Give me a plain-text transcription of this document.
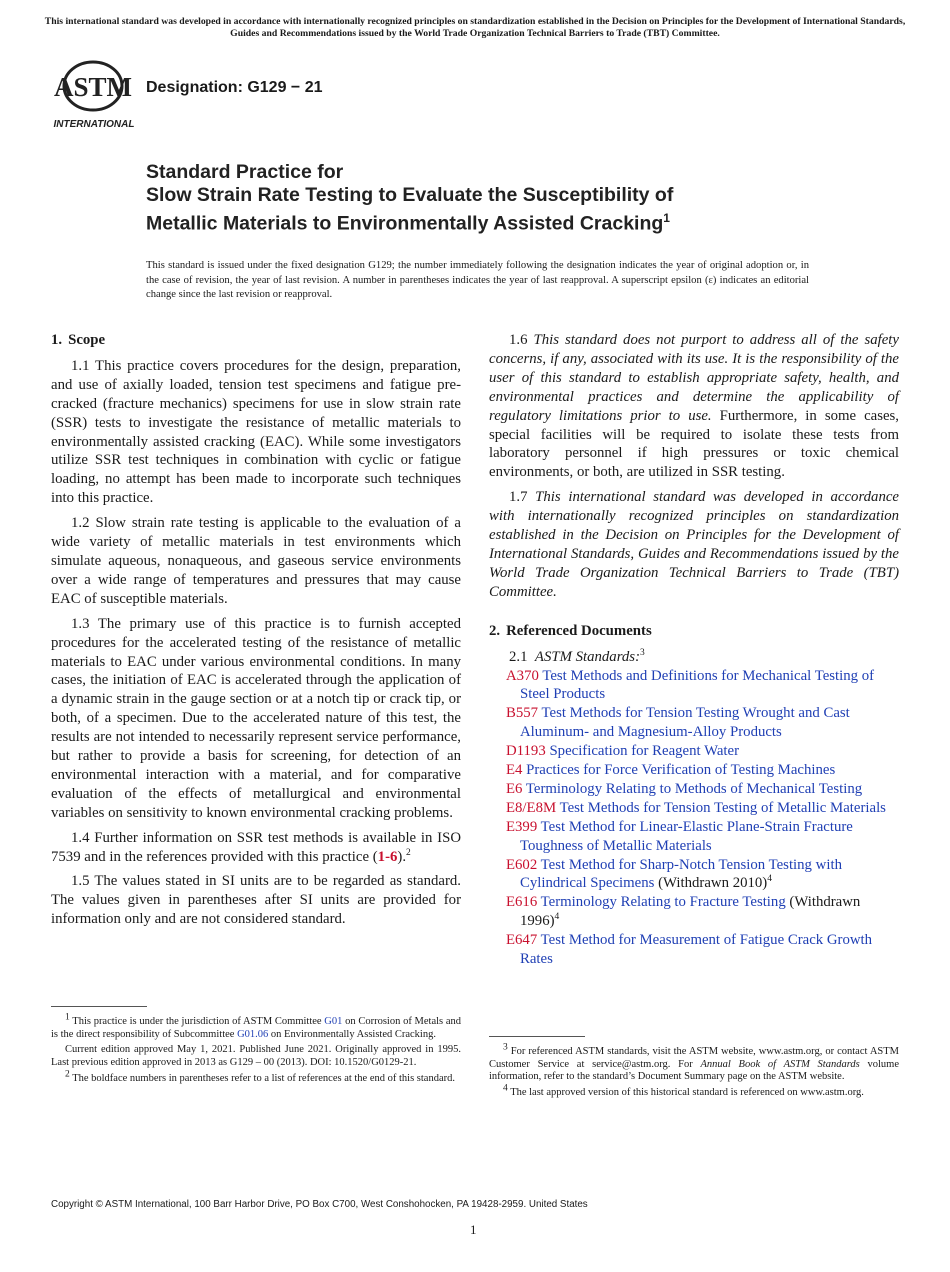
This international standard was developed in accordance with internationally recognized principles on standardization established in the Decision on Principles for the Development of International Standards, Guides and Recommendations issued by the World Trade Organization Technical Barriers to Trade (TBT) Committee.
ASTM
INTERNATIONAL
Designation: G129 − 21
Standard Practice for
Slow Strain Rate Testing to Evaluate the Susceptibility of
Metallic Materials to Environmentally Assisted Cracking$^1$
This standard is issued under the fixed designation G129; the number immediately following the designation indicates the year of original adoption or, in the case of revision, the year of last revision. A number in parentheses indicates the year of last reapproval. A superscript epsilon (ε) indicates an editorial change since the last revision or reapproval.
1. Scope

1.1 This practice covers procedures for the design, preparation, and use of axially loaded, tension test specimens and fatigue pre-cracked (fracture mechanics) specimens for use in slow strain rate (SSR) tests to investigate the resistance of metallic materials to environmentally assisted cracking (EAC). While some investigators utilize SSR test techniques in combination with cyclic or fatigue loading, no attempt has been made to incorporate such techniques into this practice.

1.2 Slow strain rate testing is applicable to the evaluation of a wide variety of metallic materials in test environments which simulate aqueous, nonaqueous, and gaseous service environments over a wide range of temperatures and pressures that may cause EAC of susceptible materials.

1.3 The primary use of this practice is to furnish accepted procedures for the accelerated testing of the resistance of metallic materials to EAC under various environmental conditions. In many cases, the initiation of EAC is accelerated through the application of a dynamic strain in the gauge section or at a notch tip or crack tip, or both, of a specimen. Due to the accelerated nature of this test, the results are not intended to necessarily represent service performance, but rather to provide a basis for screening, for detection of an environmental interaction with a material, and for comparative evaluation of the effects of metallurgical and environmental variables on sensitivity to known environmental cracking problems.

1.4 Further information on SSR test methods is available in ISO 7539 and in the references provided with this practice (1-6).$^2$

1.5 The values stated in SI units are to be regarded as standard. The values given in parentheses after SI units are provided for information only and are not considered standard.

1.6 This standard does not purport to address all of the safety concerns, if any, associated with its use. It is the responsibility of the user of this standard to establish appropriate safety, health, and environmental practices and determine the applicability of regulatory limitations prior to use. Furthermore, in some cases, special facilities will be required to isolate these tests from laboratory personnel if high pressures or toxic chemical environments, or both, are utilized in SSR testing.

1.7 This international standard was developed in accordance with internationally recognized principles on standardization established in the Decision on Principles for the Development of International Standards, Guides and Recommendations issued by the World Trade Organization Technical Barriers to Trade (TBT) Committee.

2. Referenced Documents

2.1 ASTM Standards:$^3$

A370 Test Methods and Definitions for Mechanical Testing of Steel Products
B557 Test Methods for Tension Testing Wrought and Cast Aluminum- and Magnesium-Alloy Products
D1193 Specification for Reagent Water
E4 Practices for Force Verification of Testing Machines
E6 Terminology Relating to Methods of Mechanical Testing
E8/E8M Test Methods for Tension Testing of Metallic Materials
E399 Test Method for Linear-Elastic Plane-Strain Fracture Toughness of Metallic Materials
E602 Test Method for Sharp-Notch Tension Testing with Cylindrical Specimens (Withdrawn 2010)$^4$
E616 Terminology Relating to Fracture Testing (Withdrawn 1996)$^4$
E647 Test Method for Measurement of Fatigue Crack Growth Rates

1 This practice is under the jurisdiction of ASTM Committee G01 on Corrosion of Metals and is the direct responsibility of Subcommittee G01.06 on Environmentally Assisted Cracking.

Current edition approved May 1, 2021. Published June 2021. Originally approved in 1995. Last previous edition approved in 2013 as G129 – 00 (2013). DOI: 10.1520/G0129-21.

2 The boldface numbers in parentheses refer to a list of references at the end of this standard.

3 For referenced ASTM standards, visit the ASTM website, www.astm.org, or contact ASTM Customer Service at service@astm.org. For Annual Book of ASTM Standards volume information, refer to the standard’s Document Summary page on the ASTM website.

4 The last approved version of this historical standard is referenced on www.astm.org.

Copyright © ASTM International, 100 Barr Harbor Drive, PO Box C700, West Conshohocken, PA 19428-2959. United States
1
